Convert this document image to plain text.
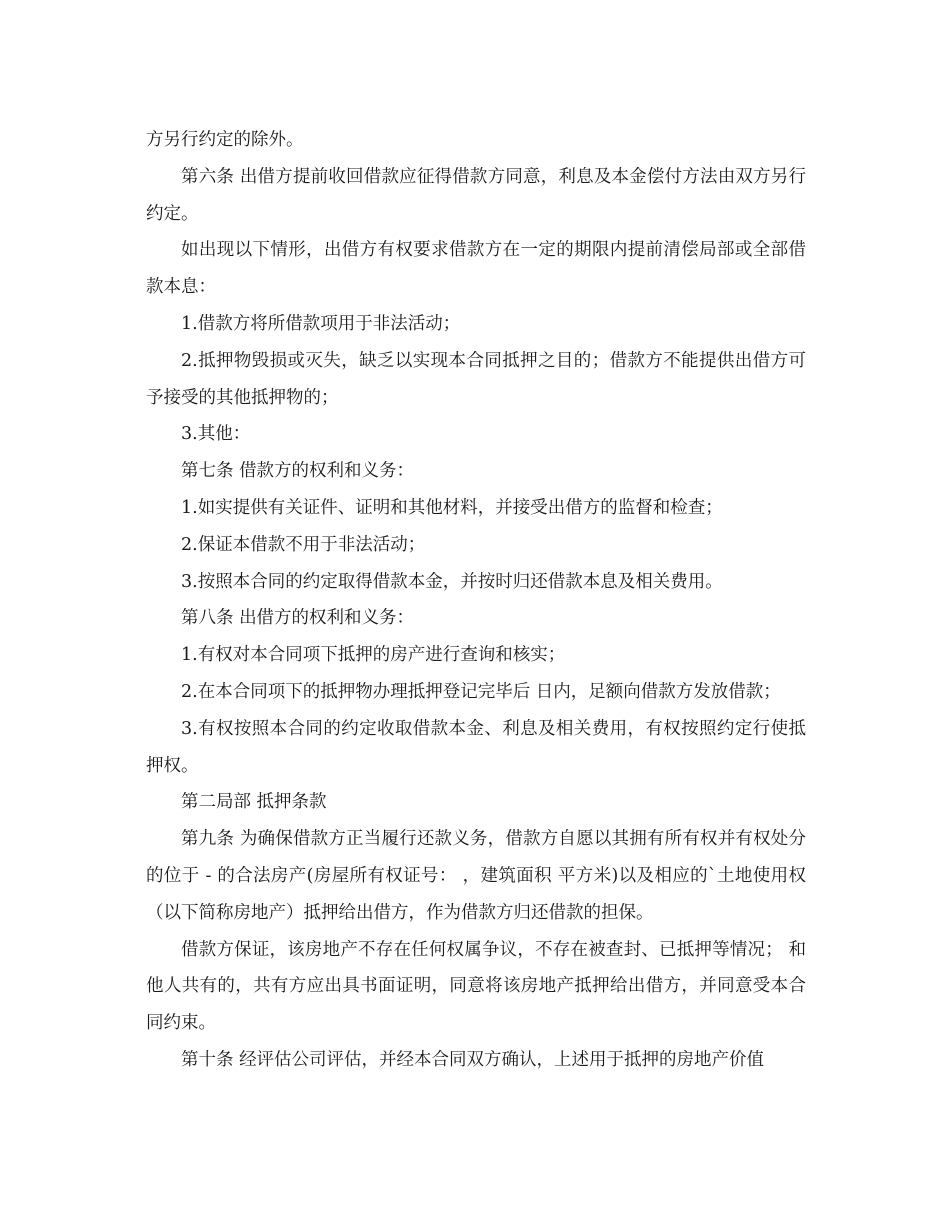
方另行约定的除外。

第六条 出借方提前收回借款应征得借款方同意，利息及本金偿付方法由双方另行约定。

如出现以下情形，出借方有权要求借款方在一定的期限内提前清偿局部或全部借款本息：

1.借款方将所借款项用于非法活动；

2.抵押物毁损或灭失，缺乏以实现本合同抵押之目的；借款方不能提供出借方可予接受的其他抵押物的；

3.其他：

第七条 借款方的权利和义务：

1.如实提供有关证件、证明和其他材料，并接受出借方的监督和检查；

2.保证本借款不用于非法活动；

3.按照本合同的约定取得借款本金，并按时归还借款本息及相关费用。

第八条 出借方的权利和义务：

1.有权对本合同项下抵押的房产进行查询和核实；

2.在本合同项下的抵押物办理抵押登记完毕后 日内，足额向借款方发放借款；

3.有权按照本合同的约定收取借款本金、利息及相关费用，有权按照约定行使抵押权。

第二局部 抵押条款

第九条 为确保借款方正当履行还款义务，借款方自愿以其拥有所有权并有权处分的位于 - 的合法房产(房屋所有权证号： ，建筑面积 平方米)以及相应的`土地使用权（以下简称房地产）抵押给出借方，作为借款方归还借款的担保。

借款方保证，该房地产不存在任何权属争议，不存在被查封、已抵押等情况； 和他人共有的，共有方应出具书面证明，同意将该房地产抵押给出借方，并同意受本合同约束。

第十条 经评估公司评估，并经本合同双方确认，上述用于抵押的房地产价值
